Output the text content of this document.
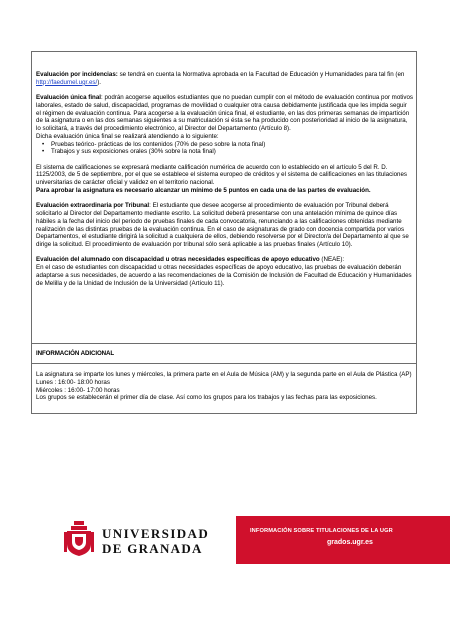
Evaluación por incidencias: se tendrá en cuenta la Normativa aprobada en la Facultad de Educación y Humanidades para tal fin (en http://faedumel.ugr.es/).

Evaluación única final: podrán acogerse aquellos estudiantes que no puedan cumplir con el método de evaluación continua por motivos laborales, estado de salud, discapacidad, programas de movilidad o cualquier otra causa debidamente justificada que les impida seguir el régimen de evaluación continua. Para acogerse a la evaluación única final, el estudiante, en las dos primeras semanas de impartición de la asignatura o en las dos semanas siguientes a su matriculación si ésta se ha producido con posterioridad al inicio de la asignatura, lo solicitará, a través del procedimiento electrónico, al Director del Departamento (Artículo 8).

Dicha evaluación única final se realizará atendiendo a lo siguiente:

• Pruebas teórico- prácticas de los contenidos (70% de peso sobre la nota final)
• Trabajos y sus exposiciones orales (30% sobre la nota final)

El sistema de calificaciones se expresará mediante calificación numérica de acuerdo con lo establecido en el artículo 5 del R. D. 1125/2003, de 5 de septiembre, por el que se establece el sistema europeo de créditos y el sistema de calificaciones en las titulaciones universitarias de carácter oficial y validez en el territorio nacional.

Para aprobar la asignatura es necesario alcanzar un mínimo de 5 puntos en cada una de las partes de evaluación.

Evaluación extraordinaria por Tribunal: El estudiante que desee acogerse al procedimiento de evaluación por Tribunal deberá solicitarlo al Director del Departamento mediante escrito. La solicitud deberá presentarse con una antelación mínima de quince días hábiles a la fecha del inicio del periodo de pruebas finales de cada convocatoria, renunciando a las calificaciones obtenidas mediante realización de las distintas pruebas de la evaluación continua. En el caso de asignaturas de grado con docencia compartida por varios Departamentos, el estudiante dirigirá la solicitud a cualquiera de ellos, debiendo resolverse por el Director/a del Departamento al que se dirige la solicitud. El procedimiento de evaluación por tribunal sólo será aplicable a las pruebas finales (Artículo 10).

Evaluación del alumnado con discapacidad u otras necesidades específicas de apoyo educativo (NEAE):

En el caso de estudiantes con discapacidad u otras necesidades específicas de apoyo educativo, las pruebas de evaluación deberán adaptarse a sus necesidades, de acuerdo a las recomendaciones de la Comisión de Inclusión de Facultad de Educación y Humanidades de Melilla y de la Unidad de Inclusión de la Universidad (Artículo 11).

INFORMACIÓN ADICIONAL

La asignatura se imparte los lunes y miércoles, la primera parte en el Aula de Música (AM) y la segunda parte en el Aula de Plástica (AP)

Lunes : 16:00- 18:00 horas

Miércoles : 16:00- 17:00 horas

Los grupos se establecerán el primer día de clase. Así como los grupos para los trabajos y las fechas para las exposiciones.

UNIVERSIDAD
DE GRANADA
INFORMACIÓN SOBRE TITULACIONES DE LA UGR
grados.ugr.es
